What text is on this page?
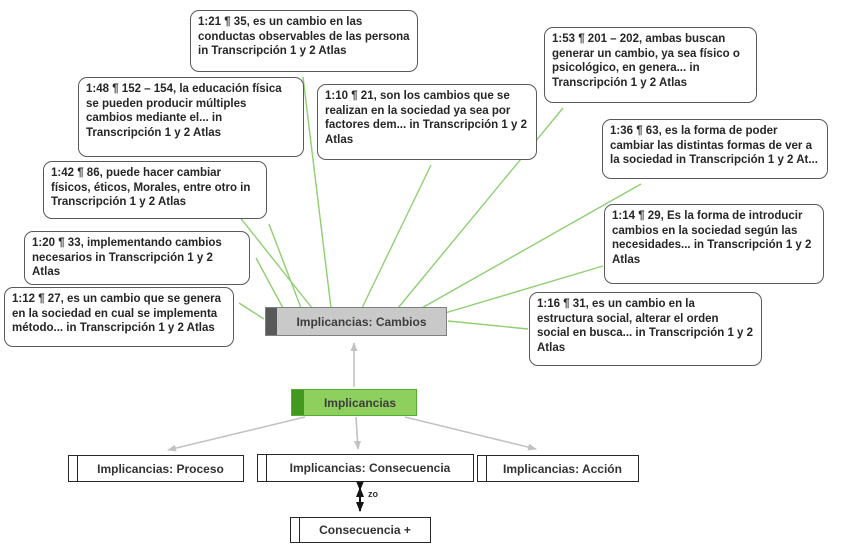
1:21 ¶ 35, es un cambio en las conductas observables de las persona in Transcripción 1 y 2 Atlas
1:48 ¶ 152 – 154, la educación física se pueden producir múltiples cambios mediante el... in Transcripción 1 y 2 Atlas
1:10 ¶ 21, son los cambios que se realizan en la sociedad ya sea por factores dem... in Transcripción 1 y 2 Atlas
1:53 ¶ 201 – 202, ambas buscan generar un cambio, ya sea físico o psicológico, en genera... in Transcripción 1 y 2 Atlas
1:36 ¶ 63, es la forma de poder cambiar las distintas formas de ver a la sociedad in Transcripción 1 y 2 At...
1:14 ¶ 29, Es la forma de introducir cambios en la sociedad según las necesidades... in Transcripción 1 y 2 Atlas
1:42 ¶ 86, puede hacer cambiar físicos, éticos, Morales, entre otro in Transcripción 1 y 2 Atlas
1:20 ¶ 33, implementando cambios necesarios in Transcripción 1 y 2 Atlas
1:12 ¶ 27, es un cambio que se genera en la sociedad en cual se implementa método... in Transcripción 1 y 2 Atlas
1:16 ¶ 31, es un cambio en la estructura social, alterar el orden social en busca... in Transcripción 1 y 2 Atlas
Implicancias: Cambios
Implicancias
Implicancias: Proceso	Implicancias: Consecuencia	Implicancias: Acción
Consecuencia +
zo
